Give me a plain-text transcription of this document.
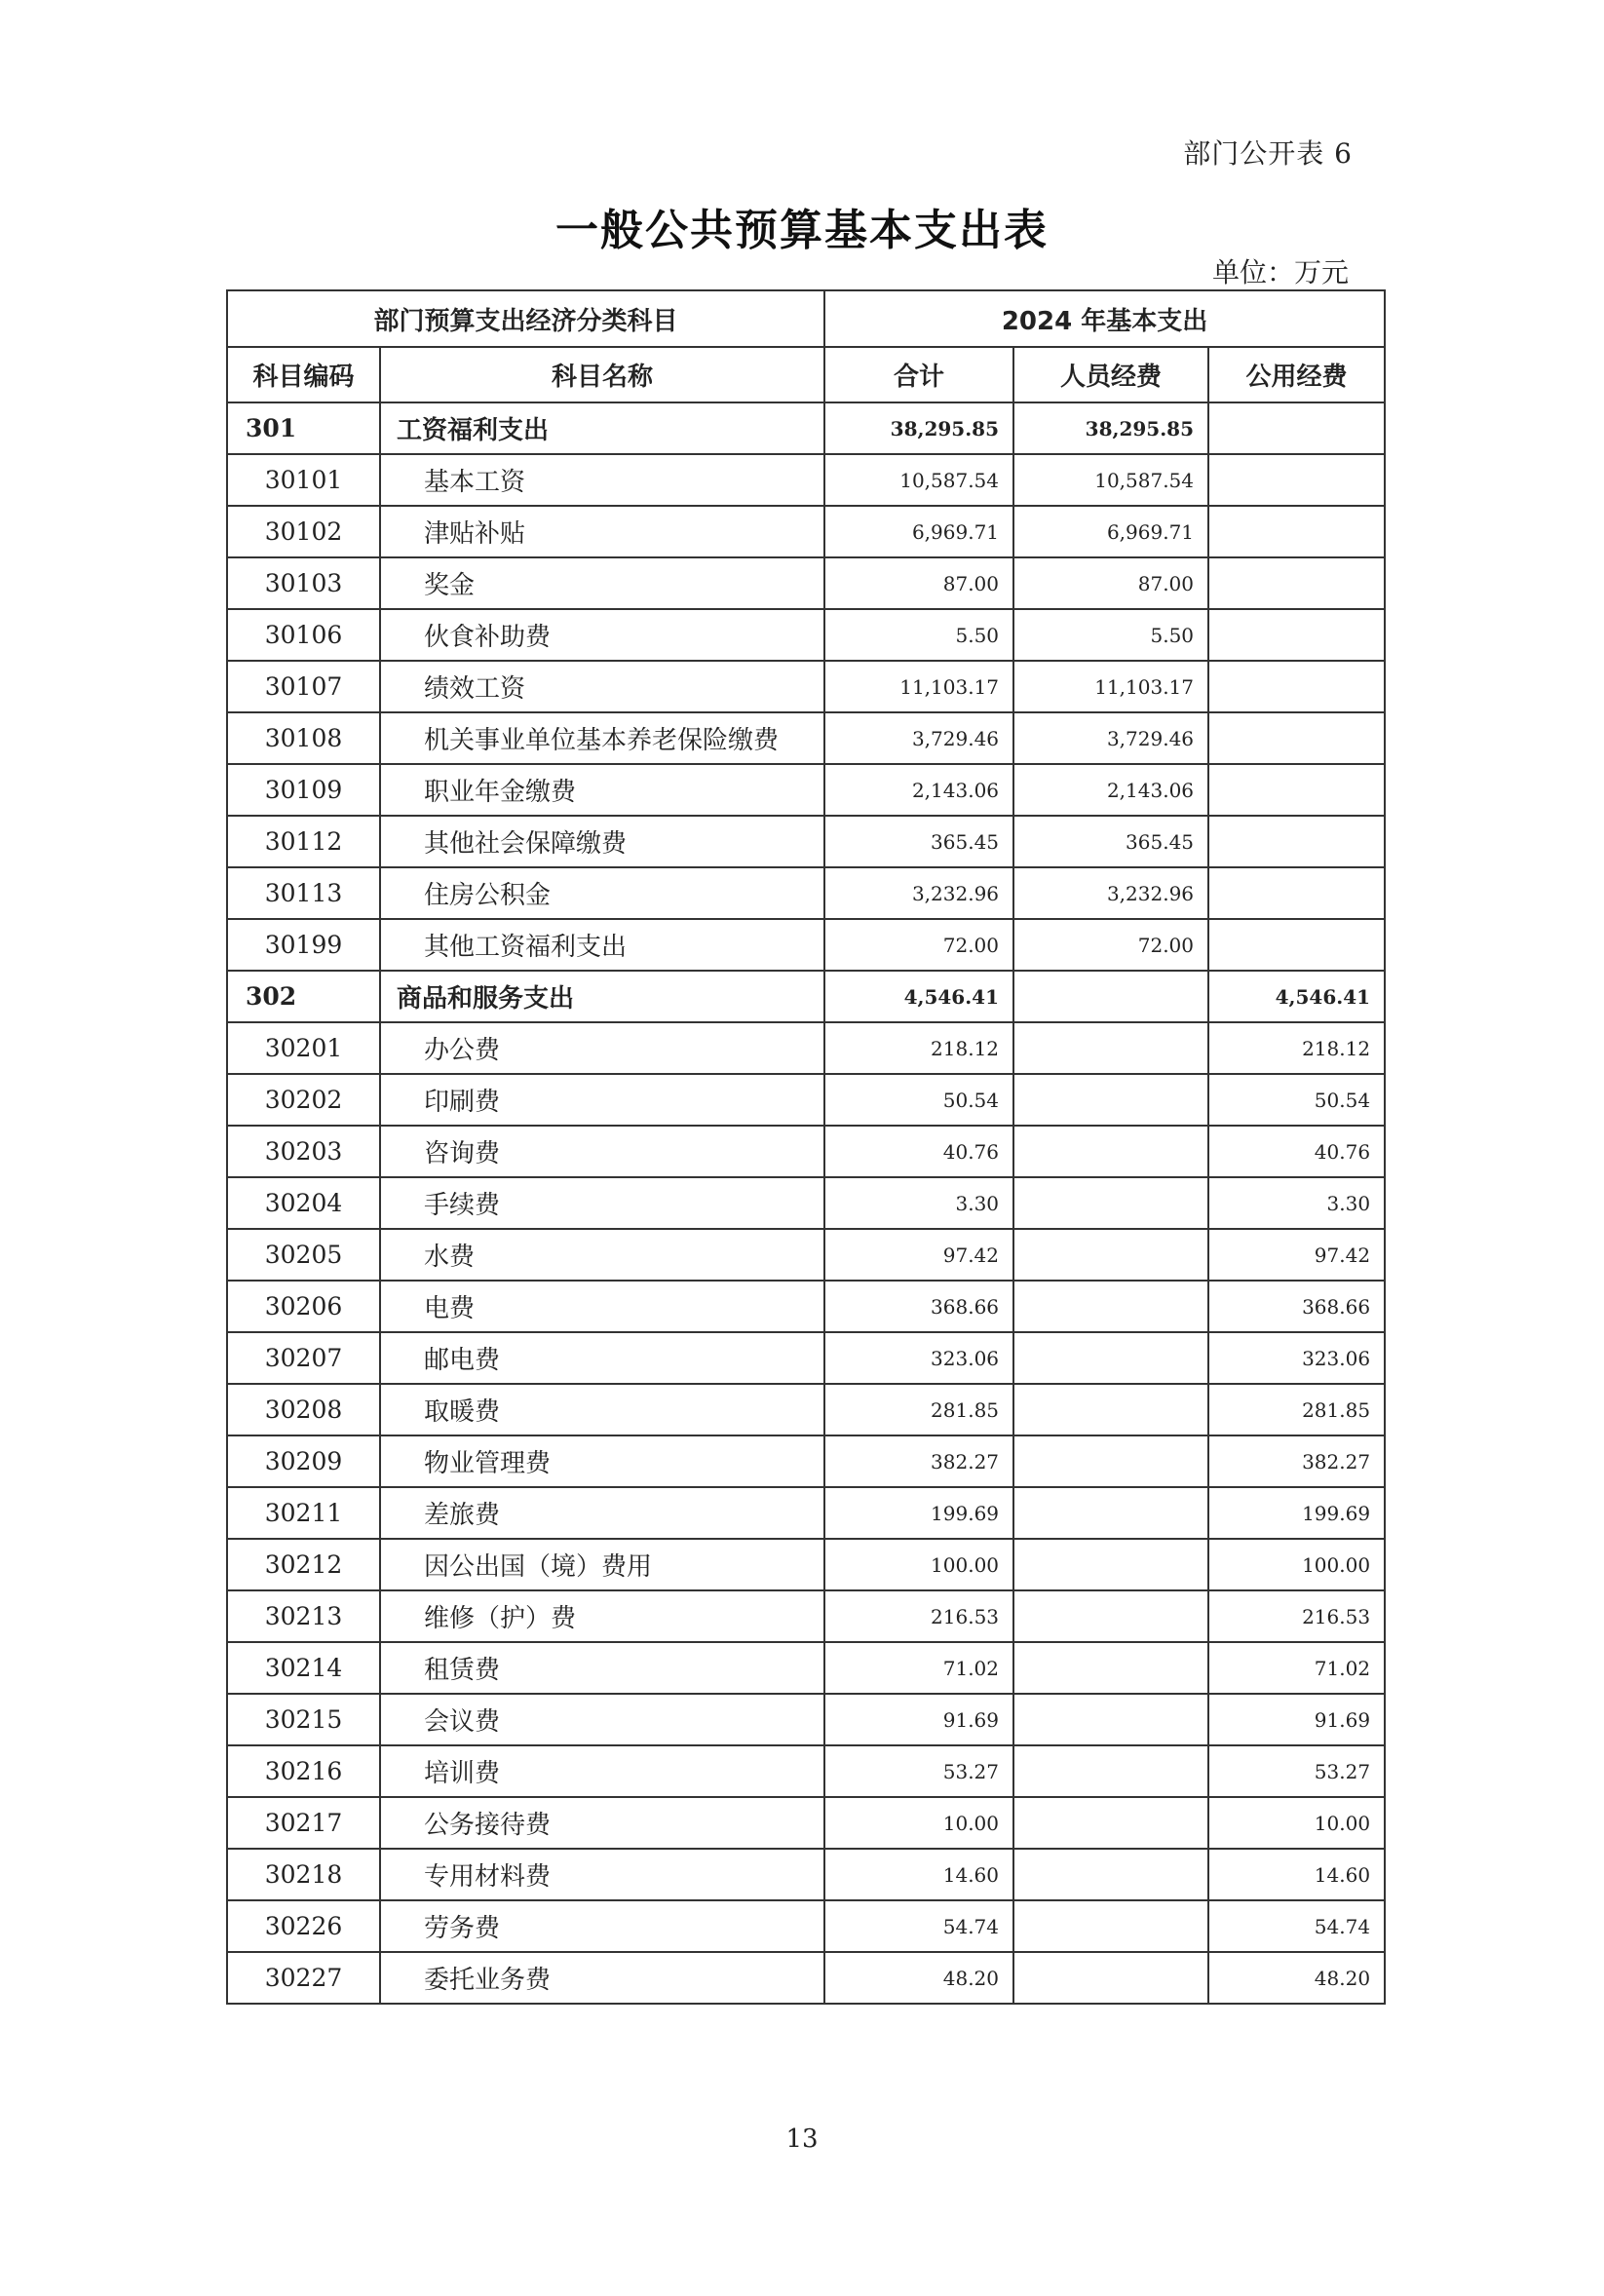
部门公开表 6
一般公共预算基本支出表
单位：万元
部门预算支出经济分类科目		2024 年基本支出		
科目编码	科目名称	合计	人员经费	公用经费
301	工资福利支出	38,295.85	38,295.85	
30101	基本工资	10,587.54	10,587.54	
30102	津贴补贴	6,969.71	6,969.71	
30103	奖金	87.00	87.00	
30106	伙食补助费	5.50	5.50	
30107	绩效工资	11,103.17	11,103.17	
30108	机关事业单位基本养老保险缴费	3,729.46	3,729.46	
30109	职业年金缴费	2,143.06	2,143.06	
30112	其他社会保障缴费	365.45	365.45	
30113	住房公积金	3,232.96	3,232.96	
30199	其他工资福利支出	72.00	72.00	
302	商品和服务支出	4,546.41		4,546.41
30201	办公费	218.12		218.12
30202	印刷费	50.54		50.54
30203	咨询费	40.76		40.76
30204	手续费	3.30		3.30
30205	水费	97.42		97.42
30206	电费	368.66		368.66
30207	邮电费	323.06		323.06
30208	取暖费	281.85		281.85
30209	物业管理费	382.27		382.27
30211	差旅费	199.69		199.69
30212	因公出国（境）费用	100.00		100.00
30213	维修（护）费	216.53		216.53
30214	租赁费	71.02		71.02
30215	会议费	91.69		91.69
30216	培训费	53.27		53.27
30217	公务接待费	10.00		10.00
30218	专用材料费	14.60		14.60
30226	劳务费	54.74		54.74
30227	委托业务费	48.20		48.20
13
